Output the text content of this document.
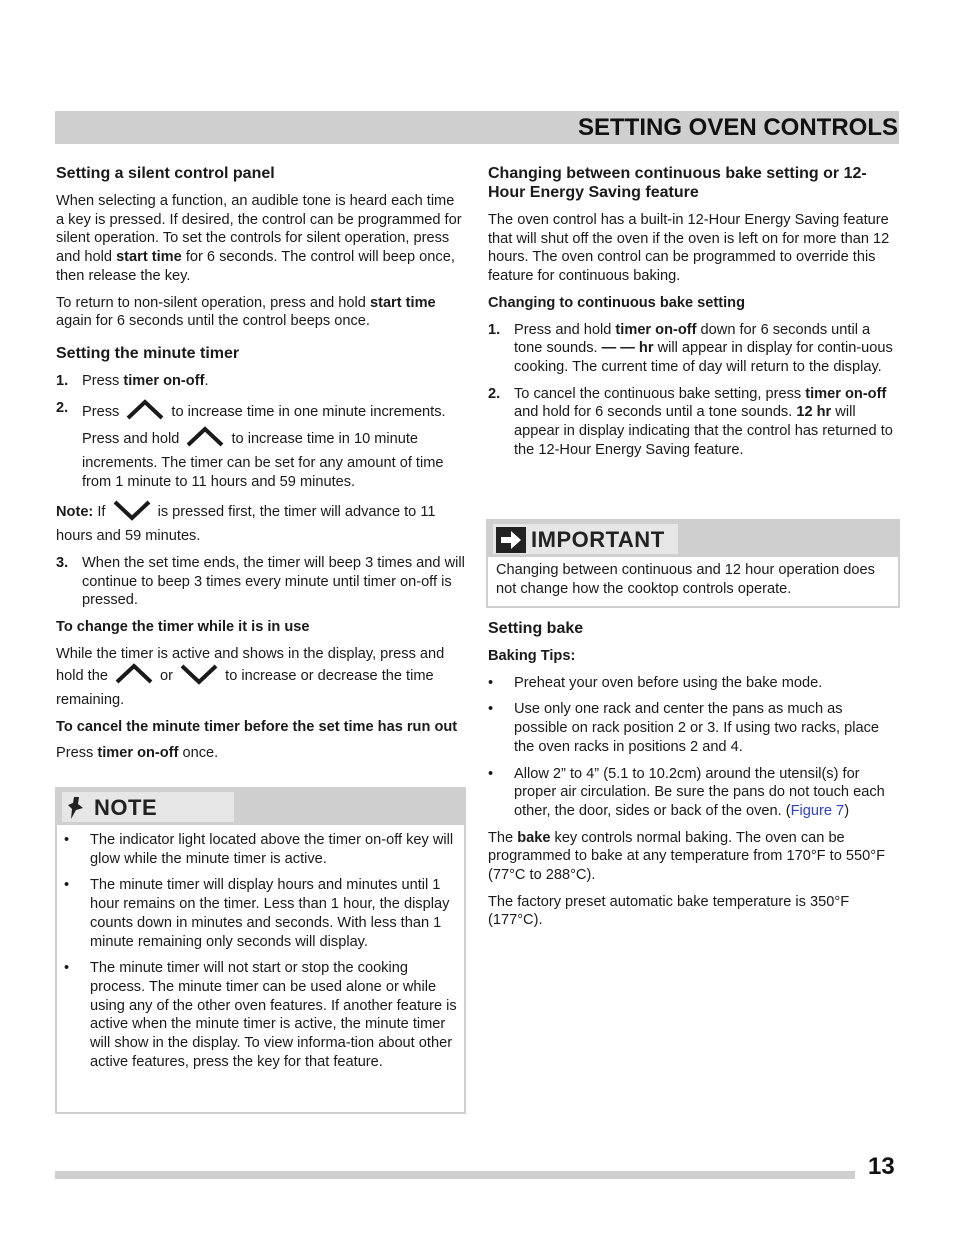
SETTING OVEN CONTROLS
Setting a silent control panel

When selecting a function, an audible tone is heard each time a key is pressed. If desired, the control can be programmed for silent operation. To set the controls for silent operation, press and hold start time for 6 seconds. The control will beep once, then release the key.

To return to non-silent operation, press and hold start time again for 6 seconds until the control beeps once.

Setting the minute timer
1. Press timer on-off.
2. Press	to increase time in one minute increments. Press and hold	to increase time in 10 minute increments. The timer can be set for any amount of time from 1 minute to 11 hours and 59 minutes.

Note: If	is pressed first, the timer will advance to 11 hours and 59 minutes.

3. When the set time ends, the timer will beep 3 times and will continue to beep 3 times every minute until timer on-off is pressed.
To change the timer while it is in use

While the timer is active and shows in the display, press and hold the	or	to increase or decrease the time remaining.

To cancel the minute timer before the set time has run out

Press timer on-off once.

NOTE
• The indicator light located above the timer on-off key will glow while the minute timer is active.
• The minute timer will display hours and minutes until 1 hour remains on the timer. Less than 1 hour, the display counts down in minutes and seconds. With less than 1 minute remaining only seconds will display.
• The minute timer will not start or stop the cooking process. The minute timer can be used alone or while using any of the other oven features. If another feature is active when the minute timer is active, the minute timer will show in the display. To view informa-tion about other active features, press the key for that feature.
Changing between continuous bake setting or 12-Hour Energy Saving feature

The oven control has a built-in 12-Hour Energy Saving feature that will shut off the oven if the oven is left on for more than 12 hours. The oven control can be programmed to override this feature for continuous baking.

Changing to continuous bake setting
1. Press and hold timer on-off down for 6 seconds until a tone sounds. — — hr will appear in display for contin-uous cooking. The current time of day will return to the display.
2. To cancel the continuous bake setting, press timer on-off and hold for 6 seconds until a tone sounds. 12 hr will appear in display indicating that the control has returned to the 12-Hour Energy Saving feature.
IMPORTANT
Changing between continuous and 12 hour operation does not change how the cooktop controls operate.
Setting bake
Baking Tips:
• Preheat your oven before using the bake mode.
• Use only one rack and center the pans as much as possible on rack position 2 or 3. If using two racks, place the oven racks in positions 2 and 4.
• Allow 2” to 4” (5.1 to 10.2cm) around the utensil(s) for proper air circulation. Be sure the pans do not touch each other, the door, sides or back of the oven. (Figure 7)

The bake key controls normal baking. The oven can be programmed to bake at any temperature from 170°F to 550°F (77°C to 288°C).

The factory preset automatic bake temperature is 350°F (177°C).

13
